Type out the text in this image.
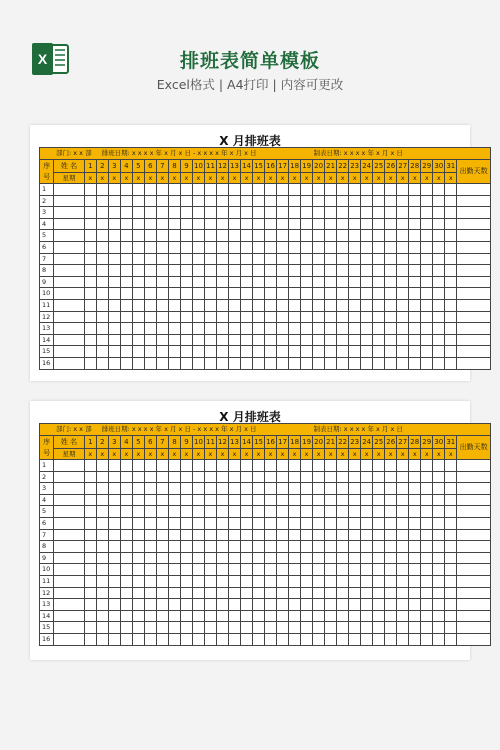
X	排班表简单模板
Excel格式 | A4打印 | 内容可更改
X 月排班表
部门: x x 部 排班日期: x x x x 年 x 月 x 日 - x x x x 年 x 月 x 日 制表日期: x x x x 年 x 月 x 日																																	

序号	姓 名	1	2	3	4	5	6	7	8	9	10	11	12	13	14	15	16	17	18	19	20	21	22	23	24	25	26	27	28	29	30	31	出勤天数
	星期	x	x	x	x	x	x	x	x	x	x	x	x	x	x	x	x	x	x	x	x	x	x	x	x	x	x	x	x	x	x	x	
1																																	
2																																	
3																																	
4																																	
5																																	
6																																	
7																																	
8																																	
9																																	
10																																	
11																																	
12																																	
13																																	
14																																	
15																																	
16																																	
X 月排班表
部门: x x 部 排班日期: x x x x 年 x 月 x 日 - x x x x 年 x 月 x 日 制表日期: x x x x 年 x 月 x 日																																	

序号	姓 名	1	2	3	4	5	6	7	8	9	10	11	12	13	14	15	16	17	18	19	20	21	22	23	24	25	26	27	28	29	30	31	出勤天数
	星期	x	x	x	x	x	x	x	x	x	x	x	x	x	x	x	x	x	x	x	x	x	x	x	x	x	x	x	x	x	x	x	
1																																	
2																																	
3																																	
4																																	
5																																	
6																																	
7																																	
8																																	
9																																	
10																																	
11																																	
12																																	
13																																	
14																																	
15																																	
16																																	
